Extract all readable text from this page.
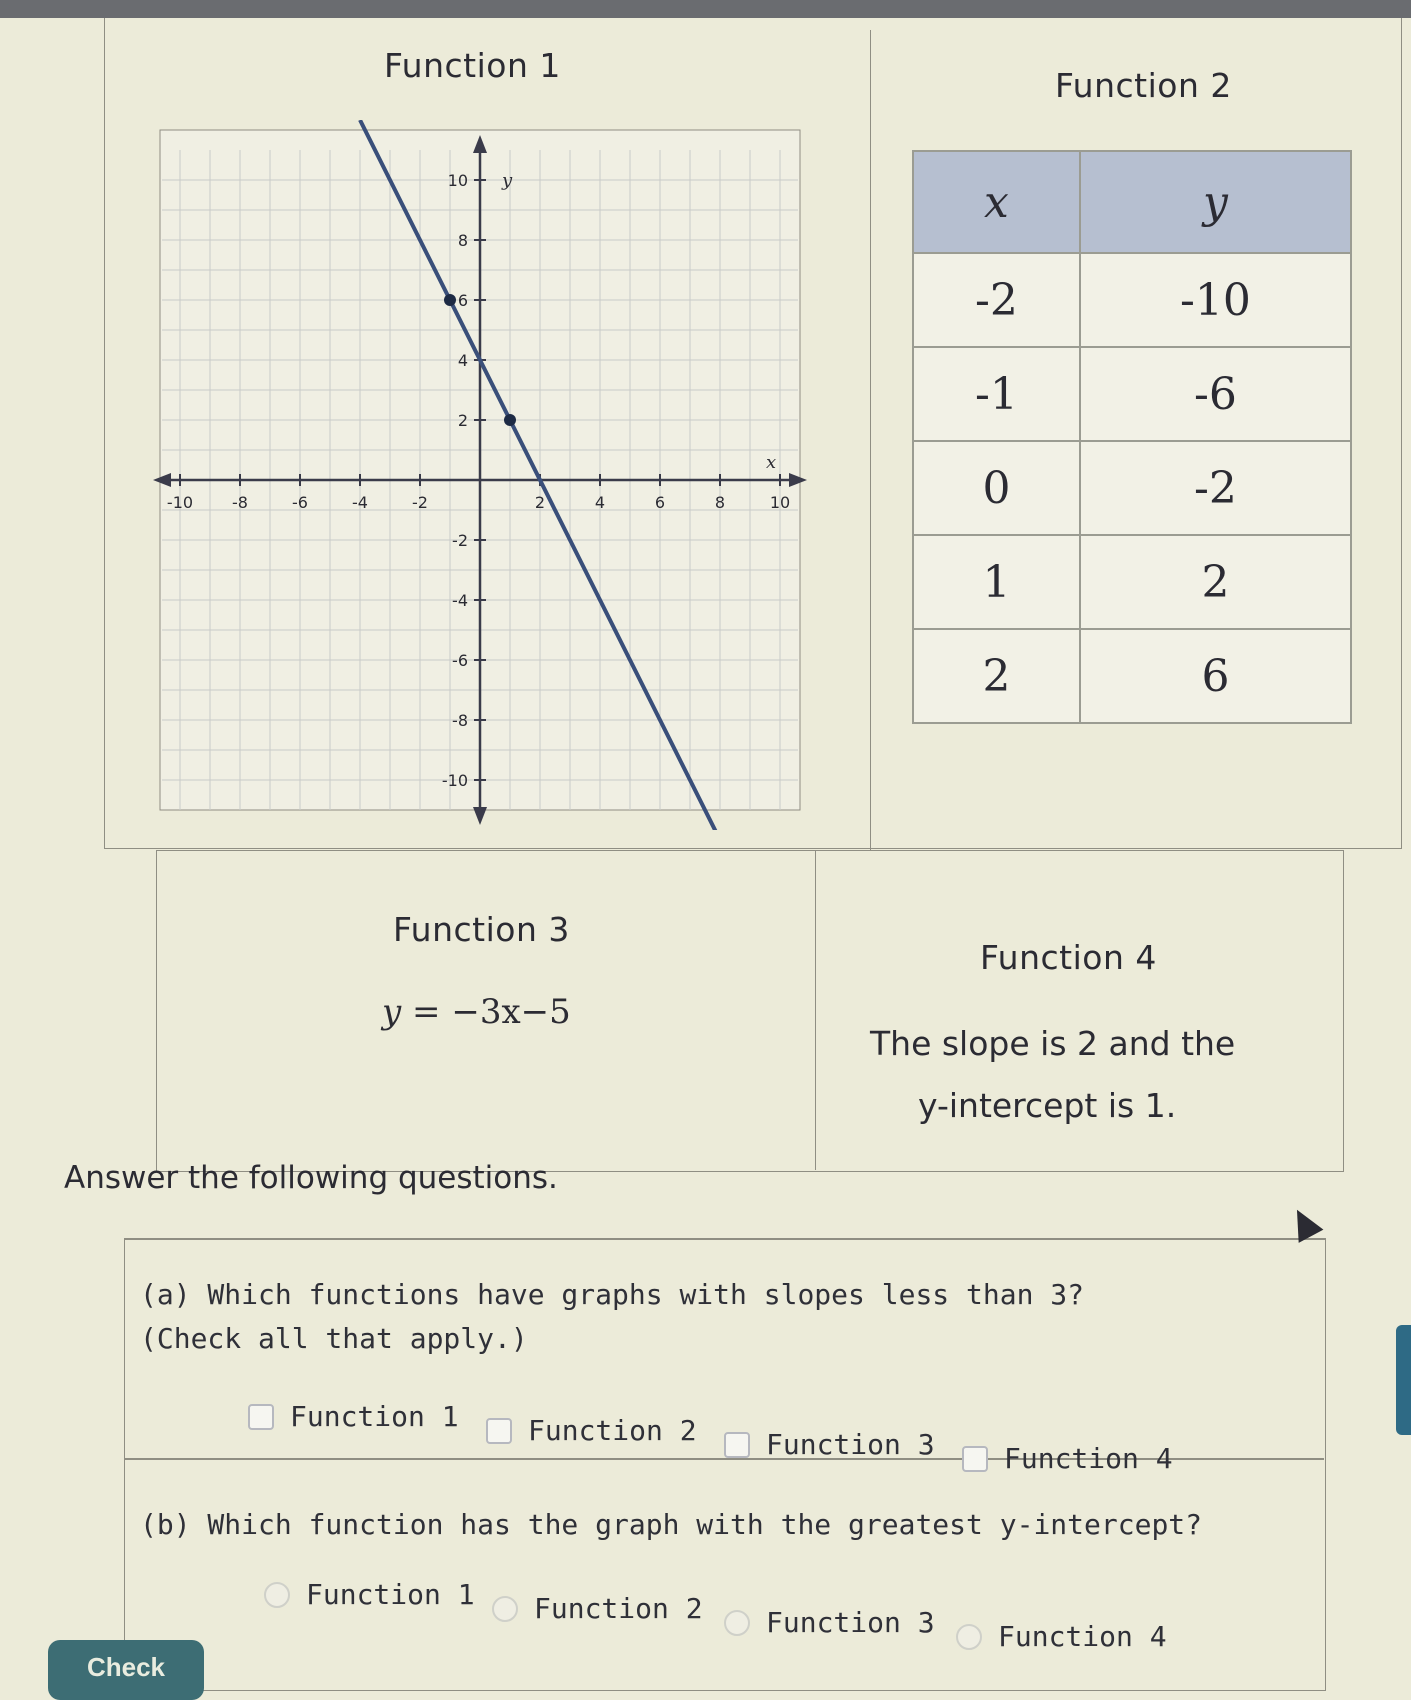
Function 1
Function 2
-10 -8	-6	-4	-2	2	4	6	8	10
10
8
6
4
2
-2
-4
-6
-8
-10
y
x
x	y
-2	-10
-1	-6
0	-2
1	2
2	6
Function 3
y = −3x−5
Function 4
The slope is 2 and the
y-intercept is 1.
Answer the following questions.
(a) Which functions have graphs with slopes less than 3?
(Check all that apply.)
Function 1 Function 2 Function 3 Function 4
(b) Which function has the graph with the greatest y-intercept?
Function 1 Function 2 Function 3 Function 4
Check
